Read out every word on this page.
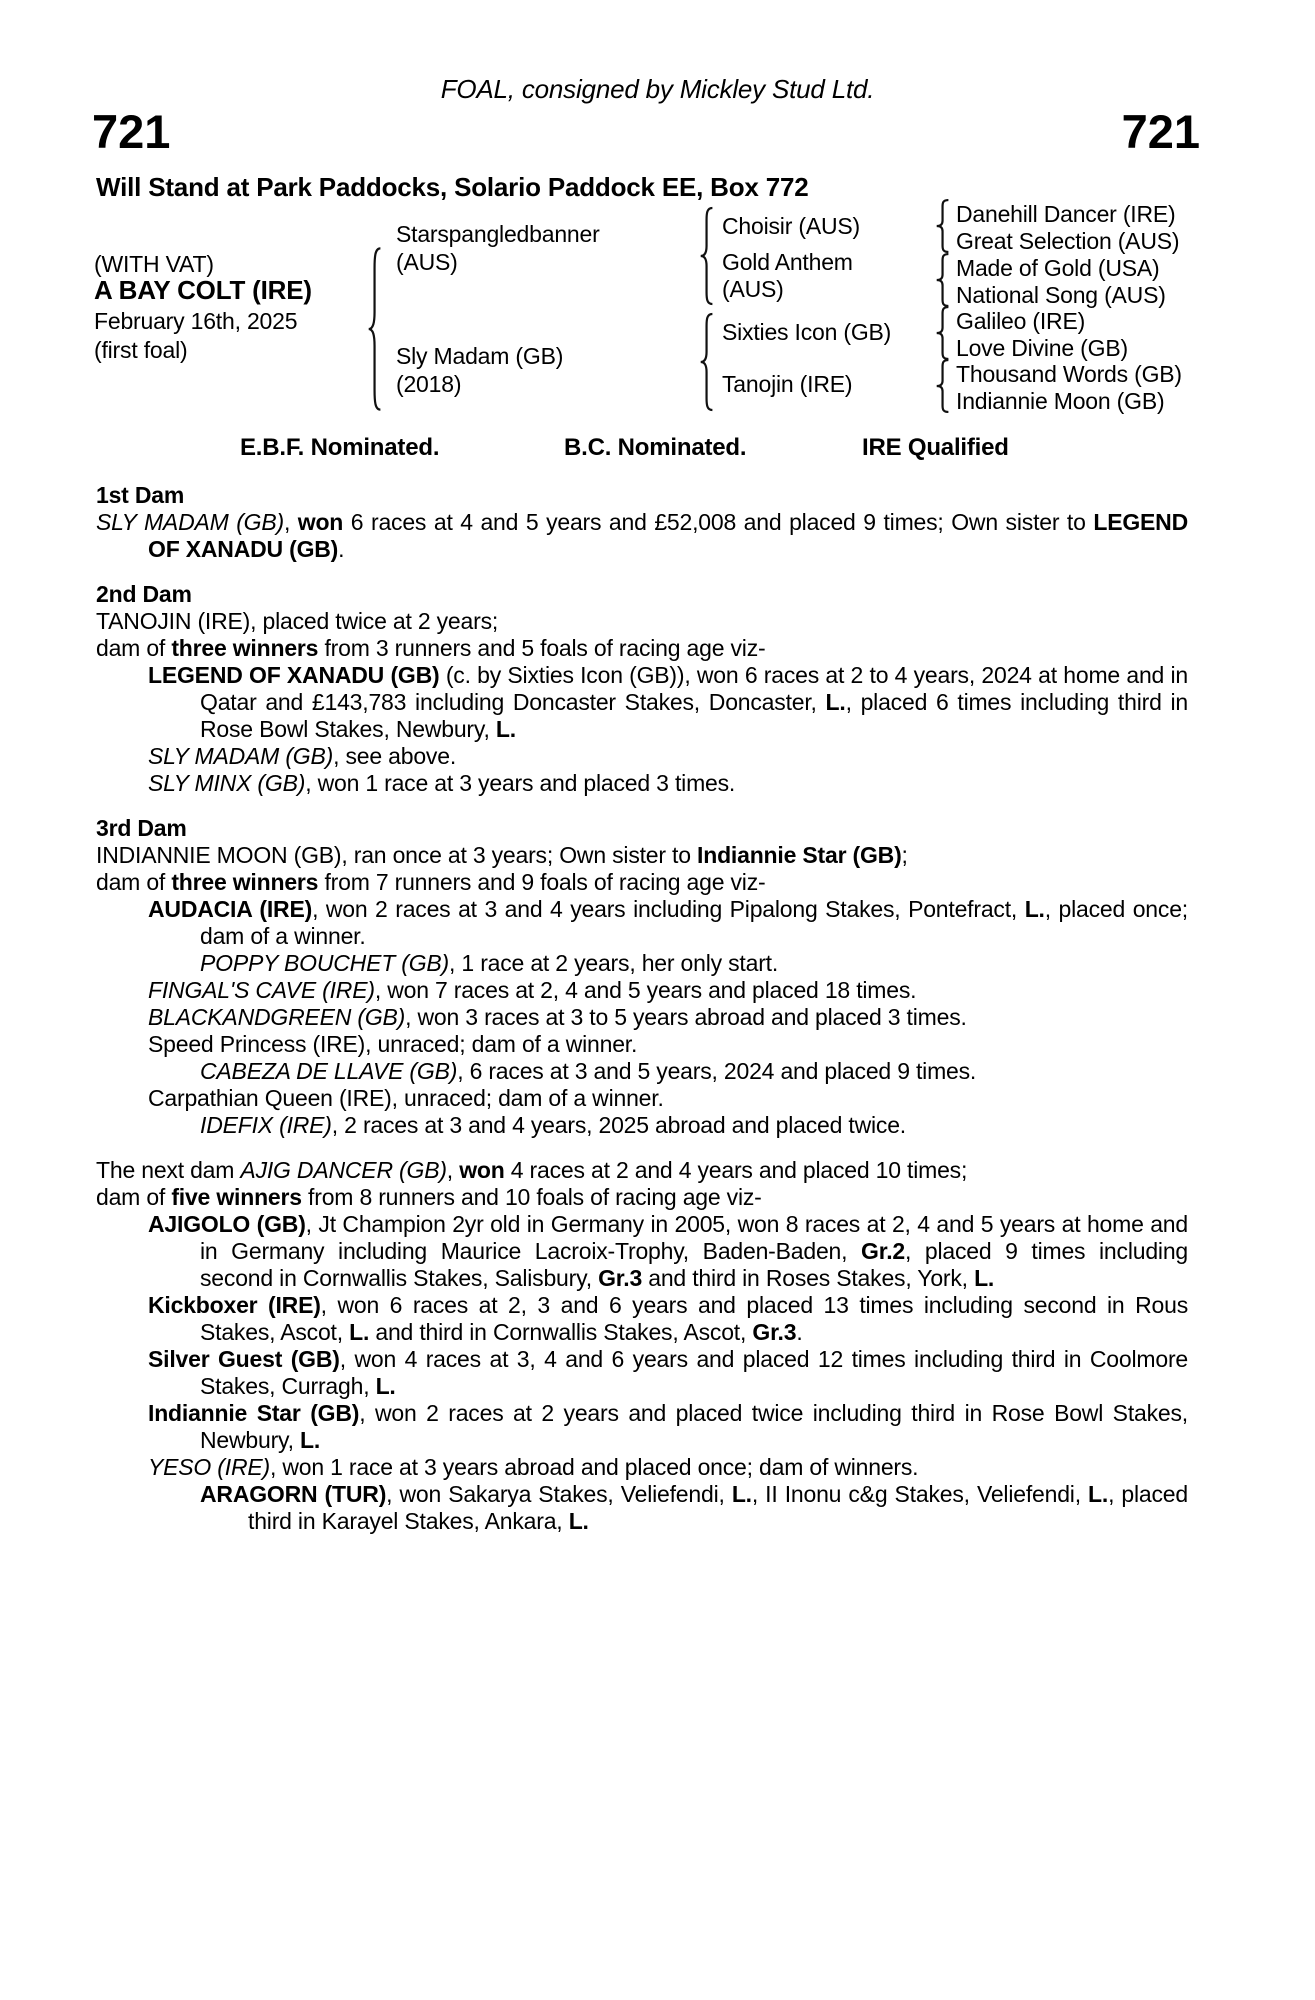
FOAL, consigned by Mickley Stud Ltd.
721	721
Will Stand at Park Paddocks, Solario Paddock EE, Box 772
(WITH VAT)
A BAY COLT (IRE)
February 16th, 2025
(first foal)
Starspangledbanner
(AUS)
Sly Madam (GB)
(2018)
Choisir (AUS)
Gold Anthem
(AUS)
Sixties Icon (GB)
Tanojin (IRE)
Danehill Dancer (IRE)
Great Selection (AUS)
Made of Gold (USA)
National Song (AUS)
Galileo (IRE)
Love Divine (GB)
Thousand Words (GB)
Indiannie Moon (GB)
E.B.F. Nominated.	B.C. Nominated.	IRE Qualified

1st Dam

SLY MADAM (GB), won 6 races at 4 and 5 years and £52,008 and placed 9 times; Own sister to LEGEND OF XANADU (GB).

2nd Dam

TANOJIN (IRE), placed twice at 2 years;

dam of three winners from 3 runners and 5 foals of racing age viz-

LEGEND OF XANADU (GB) (c. by Sixties Icon (GB)), won 6 races at 2 to 4 years, 2024 at home and in Qatar and £143,783 including Doncaster Stakes, Doncaster, L., placed 6 times including third in Rose Bowl Stakes, Newbury, L.

SLY MADAM (GB), see above.

SLY MINX (GB), won 1 race at 3 years and placed 3 times.

3rd Dam

INDIANNIE MOON (GB), ran once at 3 years; Own sister to Indiannie Star (GB);

dam of three winners from 7 runners and 9 foals of racing age viz-

AUDACIA (IRE), won 2 races at 3 and 4 years including Pipalong Stakes, Pontefract, L., placed once; dam of a winner.

POPPY BOUCHET (GB), 1 race at 2 years, her only start.

FINGAL'S CAVE (IRE), won 7 races at 2, 4 and 5 years and placed 18 times.

BLACKANDGREEN (GB), won 3 races at 3 to 5 years abroad and placed 3 times.

Speed Princess (IRE), unraced; dam of a winner.

CABEZA DE LLAVE (GB), 6 races at 3 and 5 years, 2024 and placed 9 times.

Carpathian Queen (IRE), unraced; dam of a winner.

IDEFIX (IRE), 2 races at 3 and 4 years, 2025 abroad and placed twice.

The next dam AJIG DANCER (GB), won 4 races at 2 and 4 years and placed 10 times;

dam of five winners from 8 runners and 10 foals of racing age viz-

AJIGOLO (GB), Jt Champion 2yr old in Germany in 2005, won 8 races at 2, 4 and 5 years at home and in Germany including Maurice Lacroix-Trophy, Baden-Baden, Gr.2, placed 9 times including second in Cornwallis Stakes, Salisbury, Gr.3 and third in Roses Stakes, York, L.

Kickboxer (IRE), won 6 races at 2, 3 and 6 years and placed 13 times including second in Rous Stakes, Ascot, L. and third in Cornwallis Stakes, Ascot, Gr.3.

Silver Guest (GB), won 4 races at 3, 4 and 6 years and placed 12 times including third in Coolmore Stakes, Curragh, L.

Indiannie Star (GB), won 2 races at 2 years and placed twice including third in Rose Bowl Stakes, Newbury, L.

YESO (IRE), won 1 race at 3 years abroad and placed once; dam of winners.

ARAGORN (TUR), won Sakarya Stakes, Veliefendi, L., II Inonu c&g Stakes, Veliefendi, L., placed third in Karayel Stakes, Ankara, L.
